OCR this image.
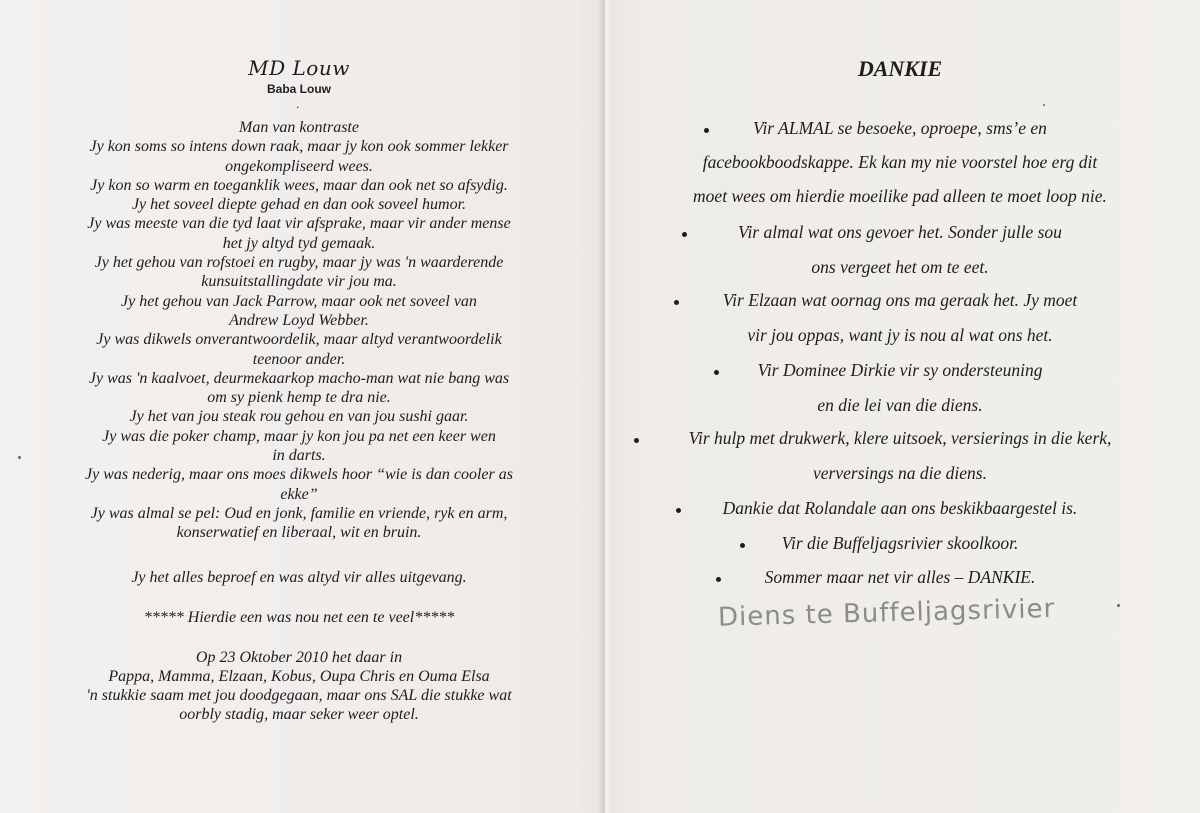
MD Louw
Baba Louw
.
Man van kontraste
Jy kon soms so intens down raak, maar jy kon ook sommer lekker
ongekompliseerd wees.
Jy kon so warm en toeganklik wees, maar dan ook net so afsydig.
Jy het soveel diepte gehad en dan ook soveel humor.
Jy was meeste van die tyd laat vir afsprake, maar vir ander mense
het jy altyd tyd gemaak.
Jy het gehou van rofstoei en rugby, maar jy was 'n waarderende
kunsuitstallingdate vir jou ma.
Jy het gehou van Jack Parrow, maar ook net soveel van
Andrew Loyd Webber.
Jy was dikwels onverantwoordelik, maar altyd verantwoordelik
teenoor ander.
Jy was 'n kaalvoet, deurmekaarkop macho-man wat nie bang was
om sy pienk hemp te dra nie.
Jy het van jou steak rou gehou en van jou sushi gaar.
Jy was die poker champ, maar jy kon jou pa net een keer wen
in darts.
Jy was nederig, maar ons moes dikwels hoor “wie is dan cooler as
ekke”
Jy was almal se pel: Oud en jonk, familie en vriende, ryk en arm,
konserwatief en liberaal, wit en bruin.
Jy het alles beproef en was altyd vir alles uitgevang.
***** Hierdie een was nou net een te veel*****
Op 23 Oktober 2010 het daar in
Pappa, Mamma, Elzaan, Kobus, Oupa Chris en Ouma Elsa
'n stukkie saam met jou doodgegaan, maar ons SAL die stukke wat
oorbly stadig, maar seker weer optel.
DANKIE
Vir ALMAL se besoeke, oproepe, sms’e en
facebookboodskappe. Ek kan my nie voorstel hoe erg dit
moet wees om hierdie moeilike pad alleen te moet loop nie.
Vir almal wat ons gevoer het. Sonder julle sou
ons vergeet het om te eet.
Vir Elzaan wat oornag ons ma geraak het. Jy moet
vir jou oppas, want jy is nou al wat ons het.
Vir Dominee Dirkie vir sy ondersteuning
en die lei van die diens.
Vir hulp met drukwerk, klere uitsoek, versierings in die kerk,
verversings na die diens.
Dankie dat Rolandale aan ons beskikbaargestel is.
Vir die Buffeljagsrivier skoolkoor.
Sommer maar net vir alles – DANKIE.
Diens te Buffeljagsrivier
